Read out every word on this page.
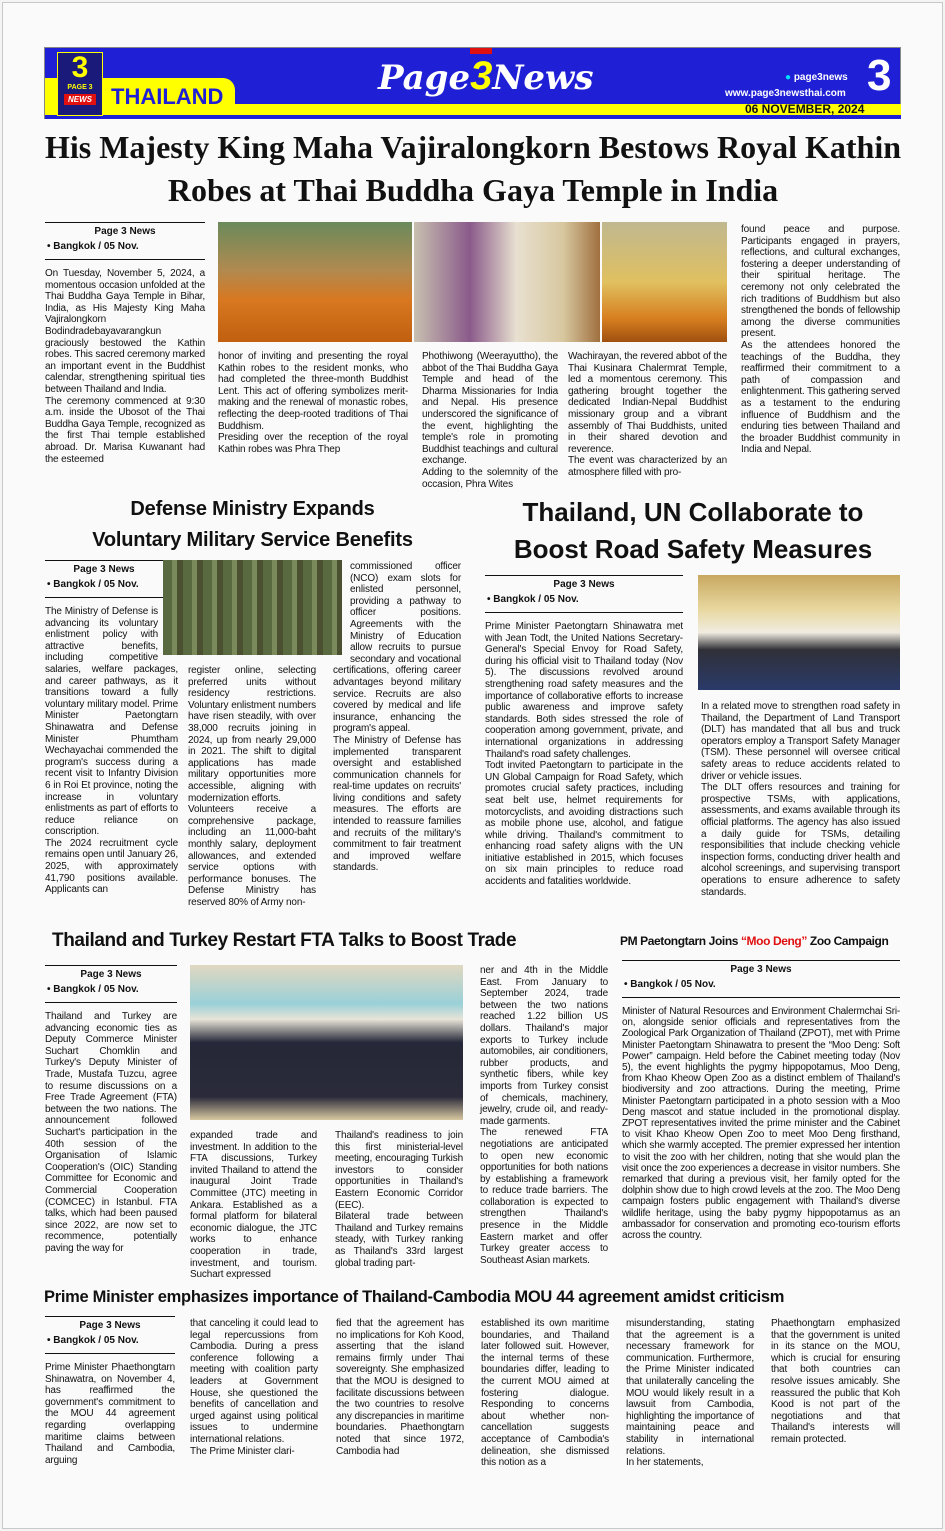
3
PAGE 3
NEWS THAILAND	Page3News	● page3news
www.page3newsthai.com 3
06 NOVEMBER, 2024
His Majesty King Maha Vajiralongkorn Bestows Royal Kathin Robes at Thai Buddha Gaya Temple in India
Page 3 News
• Bangkok / 05 Nov.

On Tuesday, November 5, 2024, a momentous occasion unfolded at the Thai Buddha Gaya Temple in Bihar, India, as His Majesty King Maha Vajiralongkorn Bodindradebayavarangkun graciously bestowed the Kathin robes. This sacred ceremony marked an important event in the Buddhist calendar, strengthening spiritual ties between Thailand and India.

The ceremony commenced at 9:30 a.m. inside the Ubosot of the Thai Buddha Gaya Temple, recognized as the first Thai temple established abroad. Dr. Marisa Kuwanant had the esteemed

honor of inviting and presenting the royal Kathin robes to the resident monks, who had completed the three-month Buddhist Lent. This act of offering symbolizes merit-making and the renewal of monastic robes, reflecting the deep-rooted traditions of Thai Buddhism.

Presiding over the reception of the royal Kathin robes was Phra Thep

Phothiwong (Weerayuttho), the abbot of the Thai Buddha Gaya Temple and head of the Dharma Missionaries for India and Nepal. His presence underscored the significance of the event, highlighting the temple's role in promoting Buddhist teachings and cultural exchange.

Adding to the solemnity of the occasion, Phra Wites

Wachirayan, the revered abbot of the Thai Kusinara Chalermrat Temple, led a momentous ceremony. This gathering brought together the dedicated Indian-Nepal Buddhist missionary group and a vibrant assembly of Thai Buddhists, united in their shared devotion and reverence.

The event was characterized by an atmosphere filled with pro-

found peace and purpose. Participants engaged in prayers, reflections, and cultural exchanges, fostering a deeper understanding of their spiritual heritage. The ceremony not only celebrated the rich traditions of Buddhism but also strengthened the bonds of fellowship among the diverse communities present.

As the attendees honored the teachings of the Buddha, they reaffirmed their commitment to a path of compassion and enlightenment. This gathering served as a testament to the enduring influence of Buddhism and the enduring ties between Thailand and the broader Buddhist community in India and Nepal.

Defense Ministry Expands
Voluntary Military Service Benefits
Page 3 News
• Bangkok / 05 Nov.

The Ministry of Defense is advancing its voluntary enlistment policy with attractive benefits, including competitive salaries, welfare packages, and career pathways, as it transitions toward a fully voluntary military model. Prime Minister Paetongtarn Shinawatra and Defense Minister Phumtham Wechayachai commended the program's success during a recent visit to Infantry Division 6 in Roi Et province, noting the increase in voluntary enlistments as part of efforts to reduce reliance on conscription.

The 2024 recruitment cycle remains open until January 26, 2025, with approximately 41,790 positions available. Applicants can

register online, selecting preferred units without residency restrictions. Voluntary enlistment numbers have risen steadily, with over 38,000 recruits joining in 2024, up from nearly 29,000 in 2021. The shift to digital applications has made military opportunities more accessible, aligning with modernization efforts.

Volunteers receive a comprehensive package, including an 11,000-baht monthly salary, deployment allowances, and extended service options with performance bonuses. The Defense Ministry has reserved 80% of Army non-

commissioned officer (NCO) exam slots for enlisted personnel, providing a pathway to officer positions. Agreements with the Ministry of Education allow recruits to pursue secondary and vocational certifications, offering career advantages beyond military service. Recruits are also covered by medical and life insurance, enhancing the program's appeal.

The Ministry of Defense has implemented transparent oversight and established communication channels for real-time updates on recruits' living conditions and safety measures. The efforts are intended to reassure families and recruits of the military's commitment to fair treatment and improved welfare standards.

Thailand, UN Collaborate to
Boost Road Safety Measures
Page 3 News
• Bangkok / 05 Nov.

Prime Minister Paetongtarn Shinawatra met with Jean Todt, the United Nations Secretary-General's Special Envoy for Road Safety, during his official visit to Thailand today (Nov 5). The discussions revolved around strengthening road safety measures and the importance of collaborative efforts to increase public awareness and improve safety standards. Both sides stressed the role of cooperation among government, private, and international organizations in addressing Thailand's road safety challenges.

Todt invited Paetongtarn to participate in the UN Global Campaign for Road Safety, which promotes crucial safety practices, including seat belt use, helmet requirements for motorcyclists, and avoiding distractions such as mobile phone use, alcohol, and fatigue while driving. Thailand's commitment to enhancing road safety aligns with the UN initiative established in 2015, which focuses on six main principles to reduce road accidents and fatalities worldwide.

In a related move to strengthen road safety in Thailand, the Department of Land Transport (DLT) has mandated that all bus and truck operators employ a Transport Safety Manager (TSM). These personnel will oversee critical safety areas to reduce accidents related to driver or vehicle issues.

The DLT offers resources and training for prospective TSMs, with applications, assessments, and exams available through its official platforms. The agency has also issued a daily guide for TSMs, detailing responsibilities that include checking vehicle inspection forms, conducting driver health and alcohol screenings, and supervising transport operations to ensure adherence to safety standards.

Thailand and Turkey Restart FTA Talks to Boost Trade
Page 3 News
• Bangkok / 05 Nov.

Thailand and Turkey are advancing economic ties as Deputy Commerce Minister Suchart Chomklin and Turkey's Deputy Minister of Trade, Mustafa Tuzcu, agree to resume discussions on a Free Trade Agreement (FTA) between the two nations. The announcement followed Suchart's participation in the 40th session of the Organisation of Islamic Cooperation's (OIC) Standing Committee for Economic and Commercial Cooperation (COMCEC) in Istanbul. FTA talks, which had been paused since 2022, are now set to recommence, potentially paving the way for

expanded trade and investment. In addition to the FTA discussions, Turkey invited Thailand to attend the inaugural Joint Trade Committee (JTC) meeting in Ankara. Established as a formal platform for bilateral economic dialogue, the JTC works to enhance cooperation in trade, investment, and tourism. Suchart expressed

Thailand's readiness to join this first ministerial-level meeting, encouraging Turkish investors to consider opportunities in Thailand's Eastern Economic Corridor (EEC).

Bilateral trade between Thailand and Turkey remains steady, with Turkey ranking as Thailand's 33rd largest global trading part-

ner and 4th in the Middle East. From January to September 2024, trade between the two nations reached 1.22 billion US dollars. Thailand's major exports to Turkey include automobiles, air conditioners, rubber products, and synthetic fibers, while key imports from Turkey consist of chemicals, machinery, jewelry, crude oil, and ready-made garments.

The renewed FTA negotiations are anticipated to open new economic opportunities for both nations by establishing a framework to reduce trade barriers. The collaboration is expected to strengthen Thailand's presence in the Middle Eastern market and offer Turkey greater access to Southeast Asian markets.

PM Paetongtarn Joins “Moo Deng” Zoo Campaign
Page 3 News
• Bangkok / 05 Nov.

Minister of Natural Resources and Environment Chalermchai Sri-on, alongside senior officials and representatives from the Zoological Park Organization of Thailand (ZPOT), met with Prime Minister Paetongtarn Shinawatra to present the “Moo Deng: Soft Power” campaign. Held before the Cabinet meeting today (Nov 5), the event highlights the pygmy hippopotamus, Moo Deng, from Khao Kheow Open Zoo as a distinct emblem of Thailand's biodiversity and zoo attractions. During the meeting, Prime Minister Paetongtarn participated in a photo session with a Moo Deng mascot and statue included in the promotional display. ZPOT representatives invited the prime minister and the Cabinet to visit Khao Kheow Open Zoo to meet Moo Deng firsthand, which she warmly accepted. The premier expressed her intention to visit the zoo with her children, noting that she would plan the visit once the zoo experiences a decrease in visitor numbers. She remarked that during a previous visit, her family opted for the dolphin show due to high crowd levels at the zoo. The Moo Deng campaign fosters public engagement with Thailand's diverse wildlife heritage, using the baby pygmy hippopotamus as an ambassador for conservation and promoting eco-tourism efforts across the country.

Prime Minister emphasizes importance of Thailand-Cambodia MOU 44 agreement amidst criticism
Page 3 News
• Bangkok / 05 Nov.

Prime Minister Phaethongtarn Shinawatra, on November 4, has reaffirmed the government's commitment to the MOU 44 agreement regarding overlapping maritime claims between Thailand and Cambodia, arguing

that canceling it could lead to legal repercussions from Cambodia. During a press conference following a meeting with coalition party leaders at Government House, she questioned the benefits of cancellation and urged against using political issues to undermine international relations.

The Prime Minister clari-

fied that the agreement has no implications for Koh Kood, asserting that the island remains firmly under Thai sovereignty. She emphasized that the MOU is designed to facilitate discussions between the two countries to resolve any discrepancies in maritime boundaries. Phaethongtarn noted that since 1972, Cambodia had

established its own maritime boundaries, and Thailand later followed suit. However, the internal terms of these boundaries differ, leading to the current MOU aimed at fostering dialogue. Responding to concerns about whether non-cancellation suggests acceptance of Cambodia's delineation, she dismissed this notion as a

misunderstanding, stating that the agreement is a necessary framework for communication. Furthermore, the Prime Minister indicated that unilaterally canceling the MOU would likely result in a lawsuit from Cambodia, highlighting the importance of maintaining peace and stability in international relations.

In her statements,

Phaethongtarn emphasized that the government is united in its stance on the MOU, which is crucial for ensuring that both countries can resolve issues amicably. She reassured the public that Koh Kood is not part of the negotiations and that Thailand's interests will remain protected.
